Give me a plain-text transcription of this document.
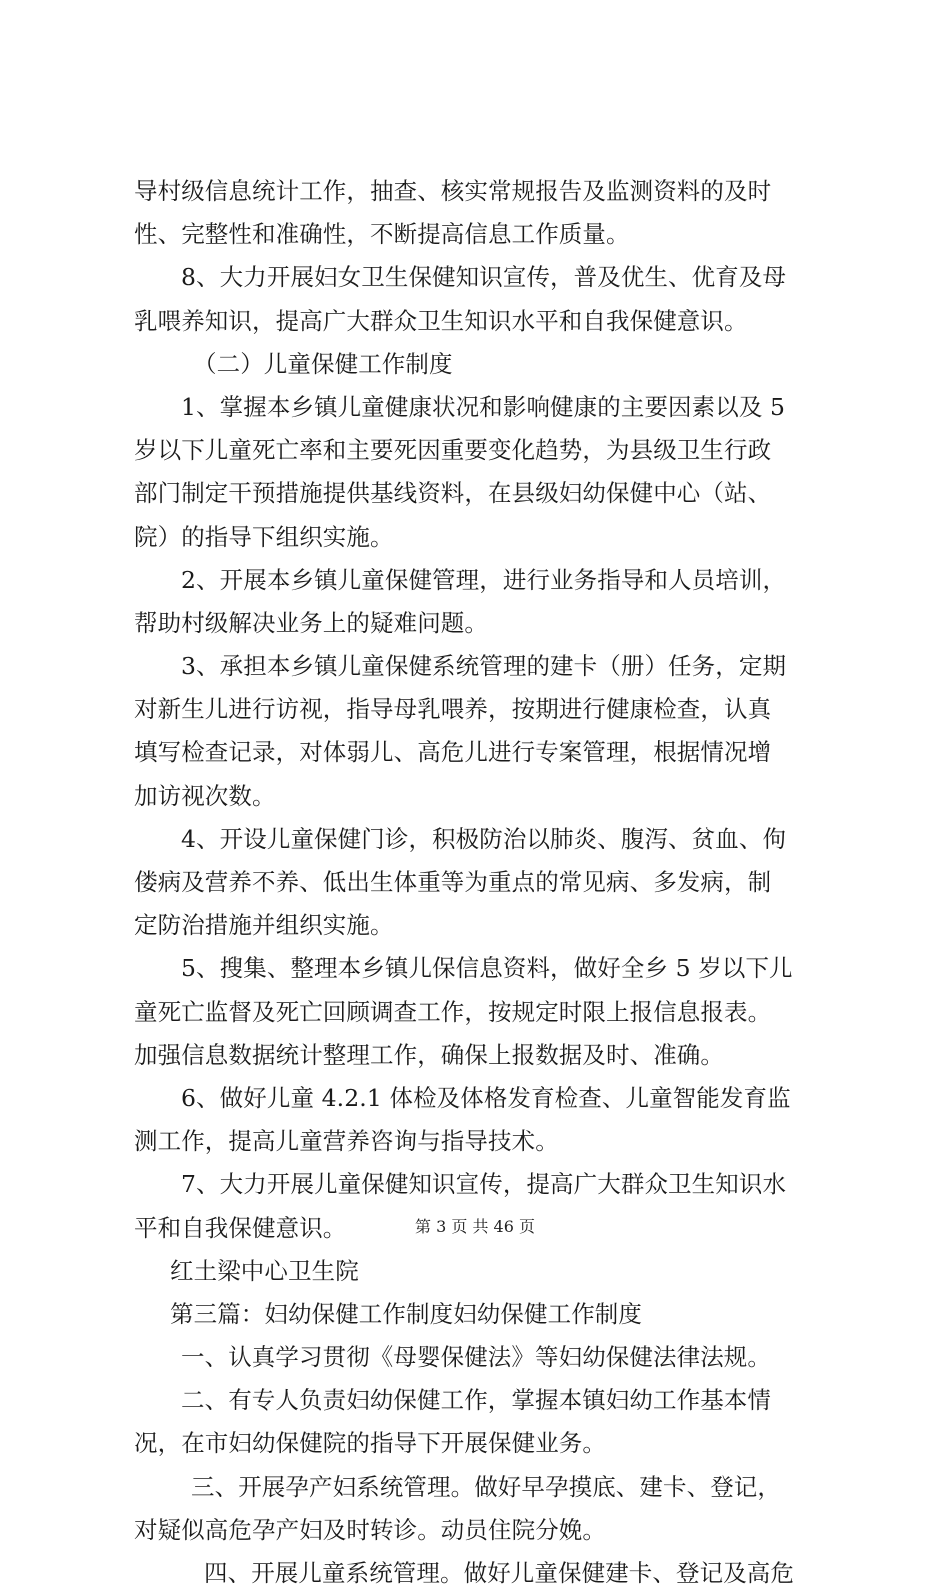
导村级信息统计工作，抽查、核实常规报告及监测资料的及时
性、完整性和准确性，不断提高信息工作质量。
8、大力开展妇女卫生保健知识宣传，普及优生、优育及母
乳喂养知识，提高广大群众卫生知识水平和自我保健意识。
（二）儿童保健工作制度
1、掌握本乡镇儿童健康状况和影响健康的主要因素以及 5
岁以下儿童死亡率和主要死因重要变化趋势，为县级卫生行政
部门制定干预措施提供基线资料，在县级妇幼保健中心（站、
院）的指导下组织实施。
2、开展本乡镇儿童保健管理，进行业务指导和人员培训，
帮助村级解决业务上的疑难问题。
3、承担本乡镇儿童保健系统管理的建卡（册）任务，定期
对新生儿进行访视，指导母乳喂养，按期进行健康检查，认真
填写检查记录，对体弱儿、高危儿进行专案管理，根据情况增
加访视次数。
4、开设儿童保健门诊，积极防治以肺炎、腹泻、贫血、佝
偻病及营养不养、低出生体重等为重点的常见病、多发病，制
定防治措施并组织实施。
5、搜集、整理本乡镇儿保信息资料，做好全乡 5 岁以下儿
童死亡监督及死亡回顾调查工作，按规定时限上报信息报表。
加强信息数据统计整理工作，确保上报数据及时、准确。
6、做好儿童 4.2.1 体检及体格发育检查、儿童智能发育监
测工作，提高儿童营养咨询与指导技术。
7、大力开展儿童保健知识宣传，提高广大群众卫生知识水
平和自我保健意识。
红土梁中心卫生院
第三篇：妇幼保健工作制度妇幼保健工作制度
一、认真学习贯彻《母婴保健法》等妇幼保健法律法规。
二、有专人负责妇幼保健工作，掌握本镇妇幼工作基本情
况，在市妇幼保健院的指导下开展保健业务。
三、开展孕产妇系统管理。做好早孕摸底、建卡、登记，
对疑似高危孕产妇及时转诊。动员住院分娩。
四、开展儿童系统管理。做好儿童保健建卡、登记及高危
第 3 页 共 46 页
